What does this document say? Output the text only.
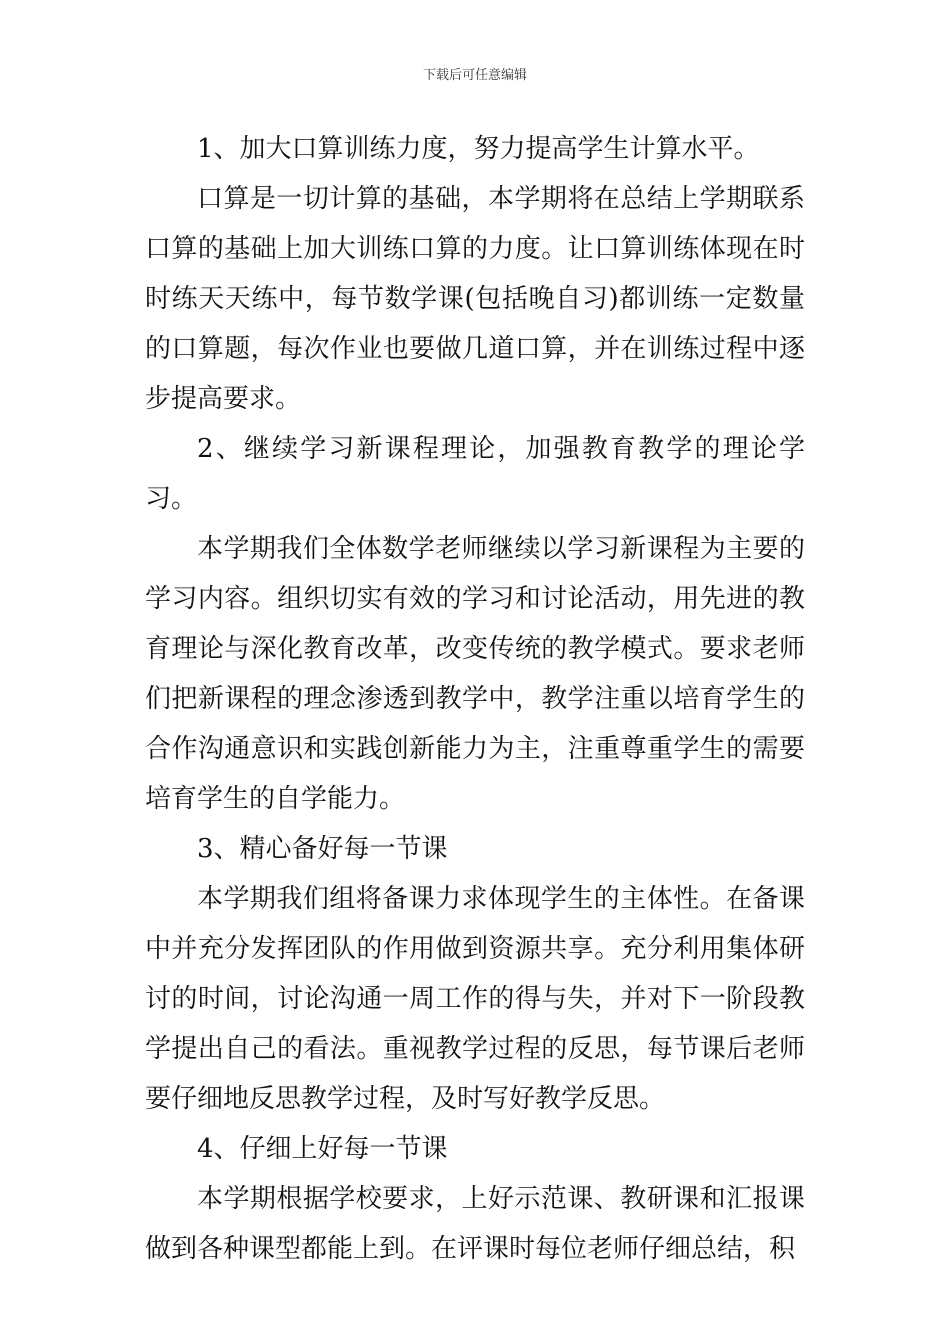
下载后可任意编辑

1、加大口算训练力度，努力提高学生计算水平。

口算是一切计算的基础，本学期将在总结上学期联系口算的基础上加大训练口算的力度。让口算训练体现在时时练天天练中，每节数学课(包括晚自习)都训练一定数量的口算题，每次作业也要做几道口算，并在训练过程中逐步提高要求。

2、继续学习新课程理论，加强教育教学的理论学习。

本学期我们全体数学老师继续以学习新课程为主要的学习内容。组织切实有效的学习和讨论活动，用先进的教育理论与深化教育改革，改变传统的教学模式。要求老师们把新课程的理念渗透到教学中，教学注重以培育学生的合作沟通意识和实践创新能力为主，注重尊重学生的需要培育学生的自学能力。

3、精心备好每一节课

本学期我们组将备课力求体现学生的主体性。在备课中并充分发挥团队的作用做到资源共享。充分利用集体研讨的时间，讨论沟通一周工作的得与失，并对下一阶段教学提出自己的看法。重视教学过程的反思，每节课后老师要仔细地反思教学过程，及时写好教学反思。

4、仔细上好每一节课

本学期根据学校要求，上好示范课、教研课和汇报课做到各种课型都能上到。在评课时每位老师仔细总结，积
